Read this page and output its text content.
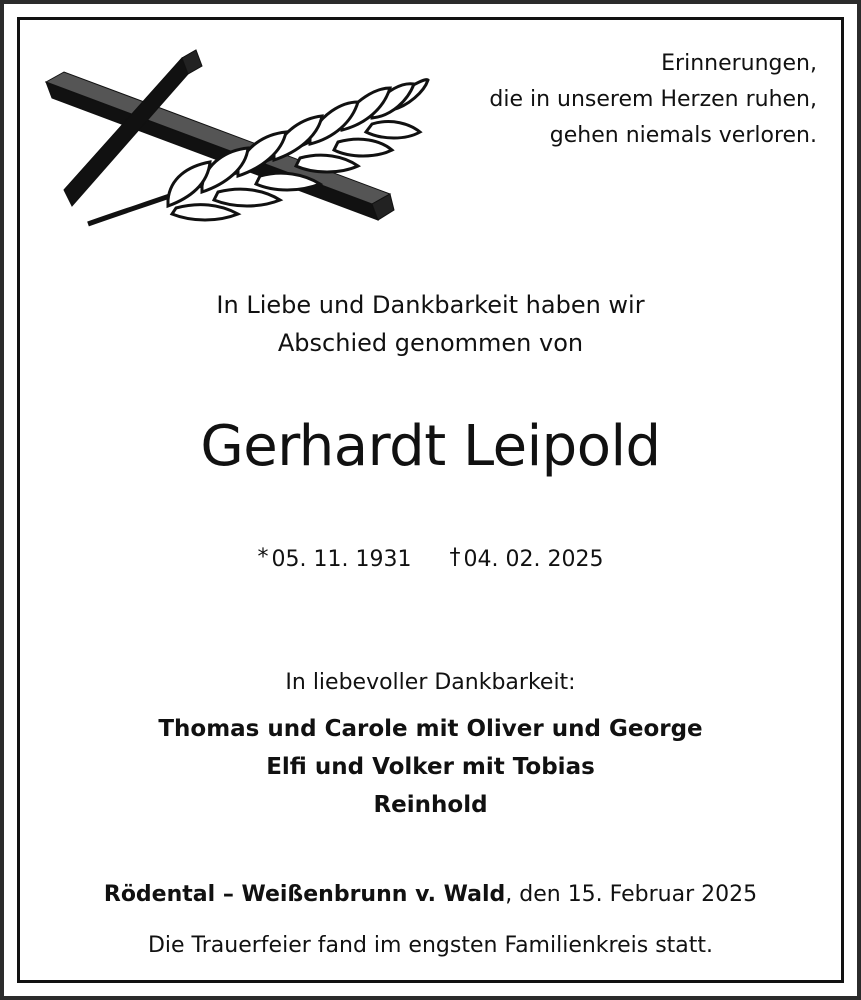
Erinnerungen,
die in unserem Herzen ruhen,
gehen niemals verloren.
In Liebe und Dankbarkeit haben wir
Abschied genommen von
Gerhardt Leipold
* 05. 11. 1931 † 04. 02. 2025
In liebevoller Dankbarkeit:
Thomas und Carole mit Oliver und George
Elfi und Volker mit Tobias
Reinhold
Rödental – Weißenbrunn v. Wald, den 15. Februar 2025
Die Trauerfeier fand im engsten Familienkreis statt.
